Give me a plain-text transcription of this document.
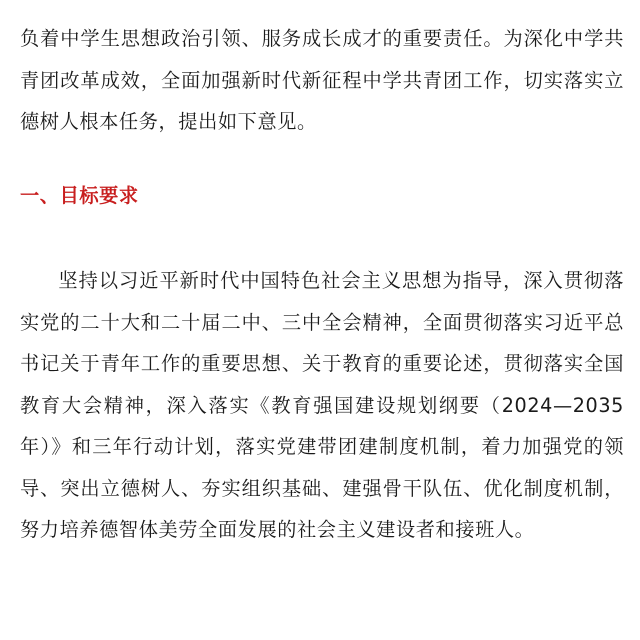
负着中学生思想政治引领、服务成长成才的重要责任。为深化中学共青团改革成效，全面加强新时代新征程中学共青团工作，切实落实立德树人根本任务，提出如下意见。

一、目标要求

坚持以习近平新时代中国特色社会主义思想为指导，深入贯彻落实党的二十大和二十届二中、三中全会精神，全面贯彻落实习近平总书记关于青年工作的重要思想、关于教育的重要论述，贯彻落实全国教育大会精神，深入落实《教育强国建设规划纲要（2024—2035 年）》和三年行动计划，落实党建带团建制度机制，着力加强党的领导、突出立德树人、夯实组织基础、建强骨干队伍、优化制度机制，努力培养德智体美劳全面发展的社会主义建设者和接班人。
